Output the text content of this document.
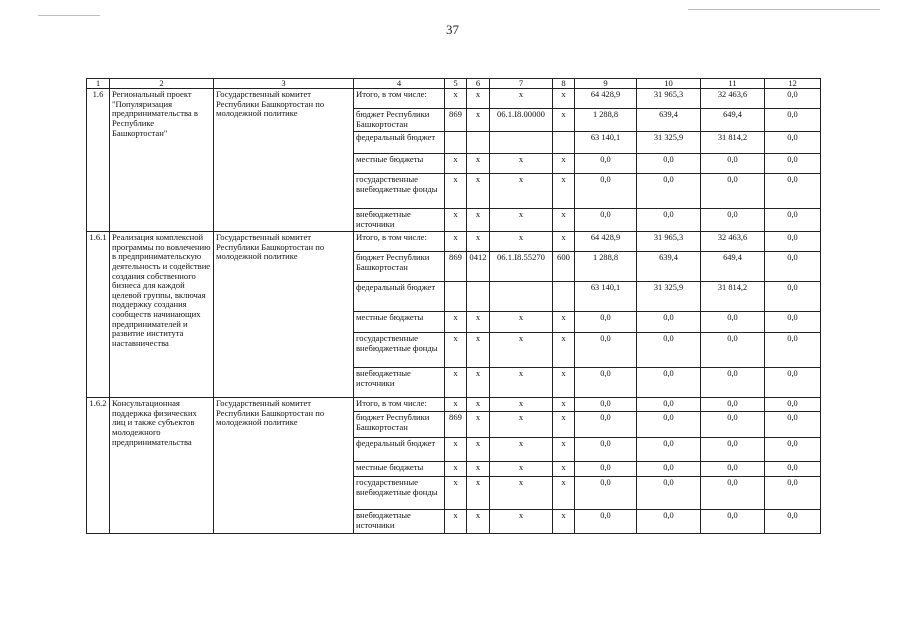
37
1	2	3	4	5	6	7	8	9	10	11	12
1.6	Региональный проект "Популяризация предпринимательства в Республике Башкортостан"	Государственный комитет Республики Башкортостан по молодежной политике	Итого, в том числе:	х	х	х	х	64 428,9	31 965,3	32 463,6	0,0
			бюджет Республики Башкортостан	869	х	06.1.I8.00000	х	1 288,8	639,4	649,4	0,0
			федеральный бюджет					63 140,1	31 325,9	31 814,2	0,0
			местные бюджеты	х	х	х	х	0,0	0,0	0,0	0,0
			государственные внебюджетные фонды	х	х	х	х	0,0	0,0	0,0	0,0
			внебюджетные источники	х	х	х	х	0,0	0,0	0,0	0,0
1.6.1	Реализация комплексной программы по вовлечению в предпринимательскую деятельность и содействие создания собственного бизнеса для каждой целевой группы, включая поддержку создания сообществ начинающих предпринимателей и развитие института наставничества	Государственный комитет Республики Башкортостан по молодежной политике	Итого, в том числе:	х	х	х	х	64 428,9	31 965,3	32 463,6	0,0
			бюджет Республики Башкортостан	869	0412	06.1.I8.55270	600	1 288,8	639,4	649,4	0,0
			федеральный бюджет					63 140,1	31 325,9	31 814,2	0,0
			местные бюджеты	х	х	х	х	0,0	0,0	0,0	0,0
			государственные внебюджетные фонды	х	х	х	х	0,0	0,0	0,0	0,0
			внебюджетные источники	х	х	х	х	0,0	0,0	0,0	0,0
1.6.2	Консультационная поддержка физических лиц и также субъектов молодежного предпринимательства	Государственный комитет Республики Башкортостан по молодежной политике	Итого, в том числе:	х	х	х	х	0,0	0,0	0,0	0,0
			бюджет Республики Башкортостан	869	х	х	х	0,0	0,0	0,0	0,0
			федеральный бюджет	х	х	х	х	0,0	0,0	0,0	0,0
			местные бюджеты	х	х	х	х	0,0	0,0	0,0	0,0
			государственные внебюджетные фонды	х	х	х	х	0,0	0,0	0,0	0,0
			внебюджетные источники	х	х	х	х	0,0	0,0	0,0	0,0
